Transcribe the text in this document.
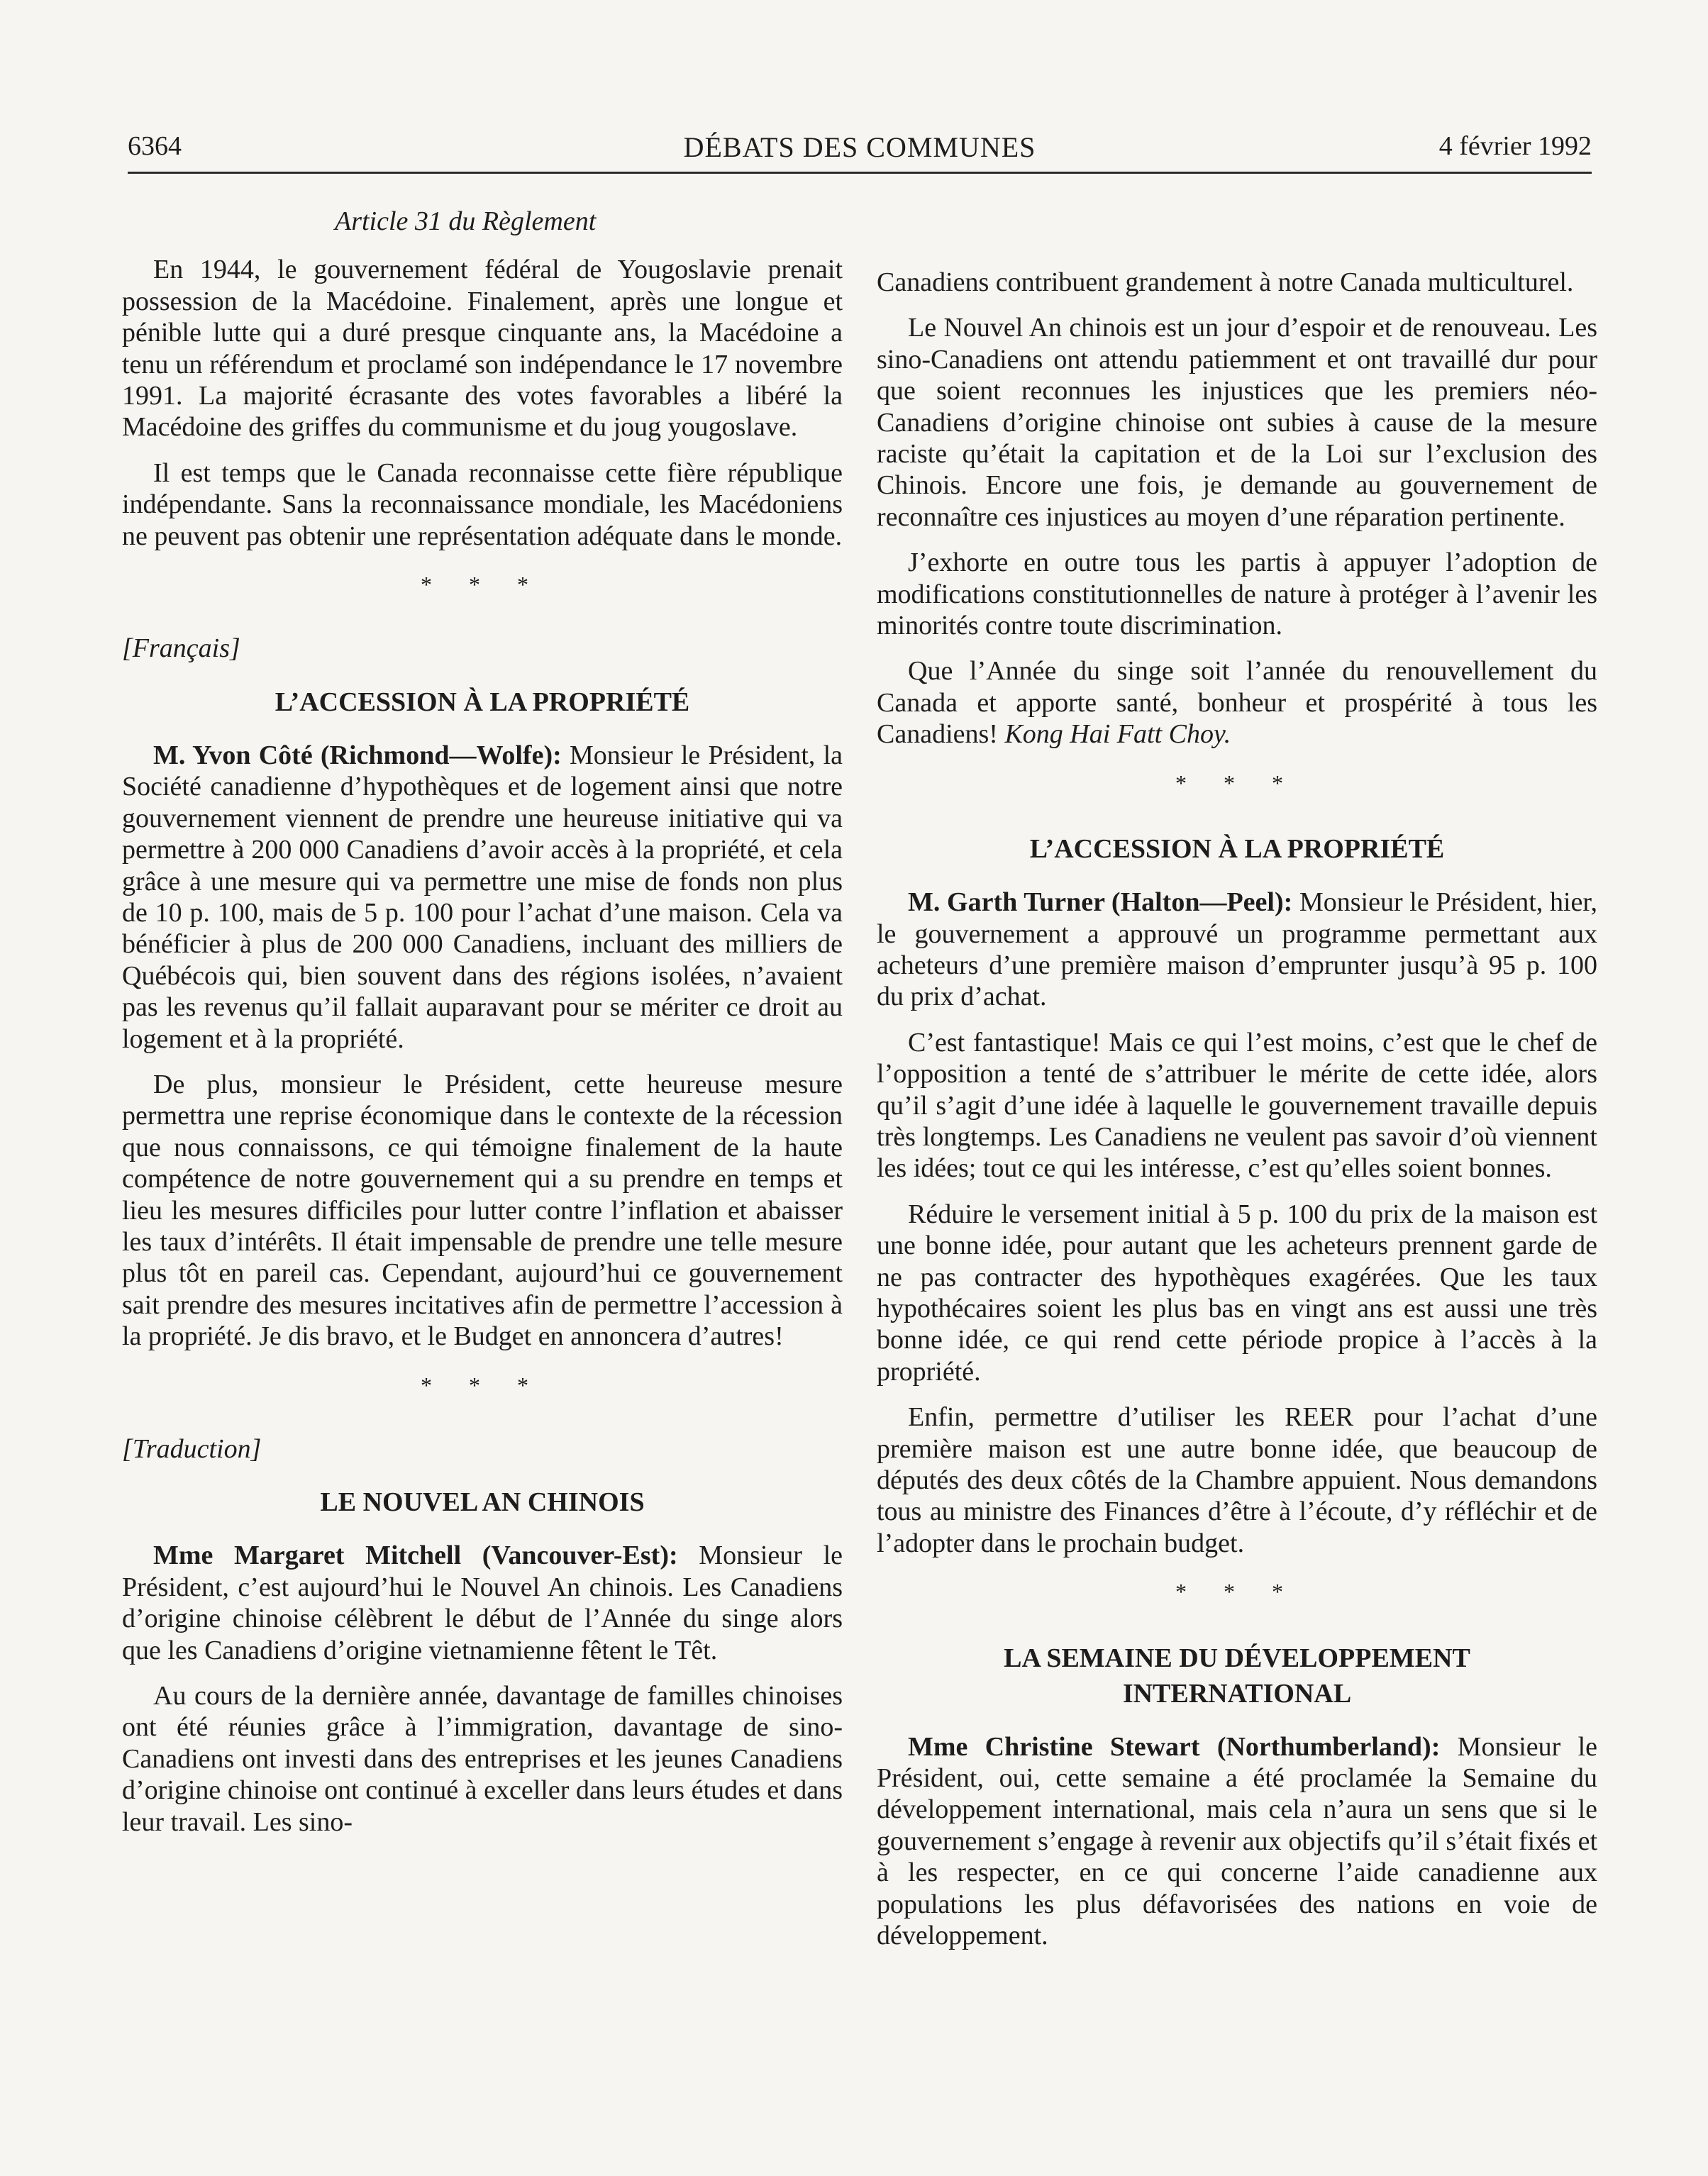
6364	DÉBATS DES COMMUNES	4 février 1992
Article 31 du Règlement

En 1944, le gouvernement fédéral de Yougoslavie prenait possession de la Macédoine. Finalement, après une longue et pénible lutte qui a duré presque cinquante ans, la Macédoine a tenu un référendum et proclamé son indépendance le 17 novembre 1991. La majorité écrasante des votes favorables a libéré la Macédoine des griffes du communisme et du joug yougoslave.

Il est temps que le Canada reconnaisse cette fière république indépendante. Sans la reconnaissance mondiale, les Macédoniens ne peuvent pas obtenir une représentation adéquate dans le monde.

* * *
[Français]
L’ACCESSION À LA PROPRIÉTÉ

M. Yvon Côté (Richmond—Wolfe): Monsieur le Président, la Société canadienne d’hypothèques et de logement ainsi que notre gouvernement viennent de prendre une heureuse initiative qui va permettre à 200 000 Canadiens d’avoir accès à la propriété, et cela grâce à une mesure qui va permettre une mise de fonds non plus de 10 p. 100, mais de 5 p. 100 pour l’achat d’une maison. Cela va bénéficier à plus de 200 000 Canadiens, incluant des milliers de Québécois qui, bien souvent dans des régions isolées, n’avaient pas les revenus qu’il fallait auparavant pour se mériter ce droit au logement et à la propriété.

De plus, monsieur le Président, cette heureuse mesure permettra une reprise économique dans le contexte de la récession que nous connaissons, ce qui témoigne finalement de la haute compétence de notre gouvernement qui a su prendre en temps et lieu les mesures difficiles pour lutter contre l’inflation et abaisser les taux d’intérêts. Il était impensable de prendre une telle mesure plus tôt en pareil cas. Cependant, aujourd’hui ce gouvernement sait prendre des mesures incitatives afin de permettre l’accession à la propriété. Je dis bravo, et le Budget en annoncera d’autres!

* * *
[Traduction]
LE NOUVEL AN CHINOIS

Mme Margaret Mitchell (Vancouver-Est): Monsieur le Président, c’est aujourd’hui le Nouvel An chinois. Les Canadiens d’origine chinoise célèbrent le début de l’Année du singe alors que les Canadiens d’origine vietnamienne fêtent le Têt.

Au cours de la dernière année, davantage de familles chinoises ont été réunies grâce à l’immigration, davantage de sino-Canadiens ont investi dans des entreprises et les jeunes Canadiens d’origine chinoise ont continué à exceller dans leurs études et dans leur travail. Les sino-

Canadiens contribuent grandement à notre Canada multiculturel.

Le Nouvel An chinois est un jour d’espoir et de renouveau. Les sino-Canadiens ont attendu patiemment et ont travaillé dur pour que soient reconnues les injustices que les premiers néo-Canadiens d’origine chinoise ont subies à cause de la mesure raciste qu’était la capitation et de la Loi sur l’exclusion des Chinois. Encore une fois, je demande au gouvernement de reconnaître ces injustices au moyen d’une réparation pertinente.

J’exhorte en outre tous les partis à appuyer l’adoption de modifications constitutionnelles de nature à protéger à l’avenir les minorités contre toute discrimination.

Que l’Année du singe soit l’année du renouvellement du Canada et apporte santé, bonheur et prospérité à tous les Canadiens! Kong Hai Fatt Choy.

* * *
L’ACCESSION À LA PROPRIÉTÉ

M. Garth Turner (Halton—Peel): Monsieur le Président, hier, le gouvernement a approuvé un programme permettant aux acheteurs d’une première maison d’emprunter jusqu’à 95 p. 100 du prix d’achat.

C’est fantastique! Mais ce qui l’est moins, c’est que le chef de l’opposition a tenté de s’attribuer le mérite de cette idée, alors qu’il s’agit d’une idée à laquelle le gouvernement travaille depuis très longtemps. Les Canadiens ne veulent pas savoir d’où viennent les idées; tout ce qui les intéresse, c’est qu’elles soient bonnes.

Réduire le versement initial à 5 p. 100 du prix de la maison est une bonne idée, pour autant que les acheteurs prennent garde de ne pas contracter des hypothèques exagérées. Que les taux hypothécaires soient les plus bas en vingt ans est aussi une très bonne idée, ce qui rend cette période propice à l’accès à la propriété.

Enfin, permettre d’utiliser les REER pour l’achat d’une première maison est une autre bonne idée, que beaucoup de députés des deux côtés de la Chambre appuient. Nous demandons tous au ministre des Finances d’être à l’écoute, d’y réfléchir et de l’adopter dans le prochain budget.

* * *
LA SEMAINE DU DÉVELOPPEMENT INTERNATIONAL

Mme Christine Stewart (Northumberland): Monsieur le Président, oui, cette semaine a été proclamée la Semaine du développement international, mais cela n’aura un sens que si le gouvernement s’engage à revenir aux objectifs qu’il s’était fixés et à les respecter, en ce qui concerne l’aide canadienne aux populations les plus défavorisées des nations en voie de développement.
